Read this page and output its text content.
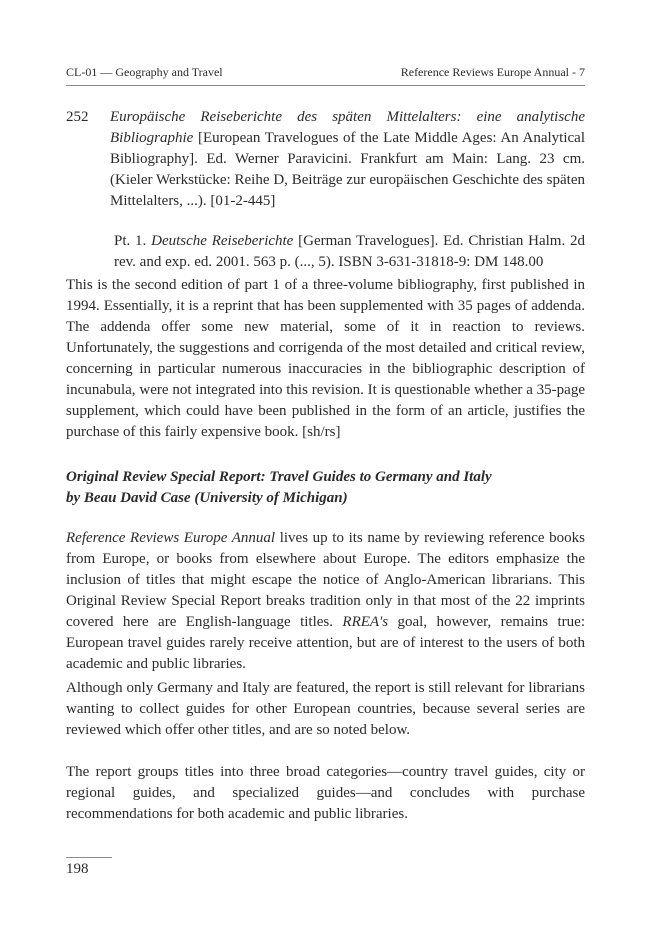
CL-01 — Geography and Travel	Reference Reviews Europe Annual - 7
252	Europäische Reiseberichte des späten Mittelalters: eine analytische Bibliographie [European Travelogues of the Late Middle Ages: An Analytical Bibliography]. Ed. Werner Paravicini. Frankfurt am Main: Lang. 23 cm. (Kieler Werkstücke: Reihe D, Beiträge zur europäischen Geschichte des späten Mittelalters, ...). [01-2-445]
Pt. 1. Deutsche Reiseberichte [German Travelogues]. Ed. Christian Halm. 2d rev. and exp. ed. 2001. 563 p. (..., 5). ISBN 3-631-31818-9: DM 148.00
This is the second edition of part 1 of a three-volume bibliography, first published in 1994. Essentially, it is a reprint that has been supplemented with 35 pages of addenda. The addenda offer some new material, some of it in reaction to reviews. Unfortunately, the suggestions and corrigenda of the most detailed and critical review, concerning in particular numerous inaccuracies in the bibliographic description of incunabula, were not integrated into this revision. It is questionable whether a 35-page supplement, which could have been published in the form of an article, justifies the purchase of this fairly expensive book. [sh/rs]
Original Review Special Report: Travel Guides to Germany and Italy
by Beau David Case (University of Michigan)
Reference Reviews Europe Annual lives up to its name by reviewing reference books from Europe, or books from elsewhere about Europe. The editors emphasize the inclusion of titles that might escape the notice of Anglo-American librarians. This Original Review Special Report breaks tradition only in that most of the 22 imprints covered here are English-language titles. RREA's goal, however, remains true: European travel guides rarely receive attention, but are of interest to the users of both academic and public libraries.
Although only Germany and Italy are featured, the report is still relevant for librarians wanting to collect guides for other European countries, because several series are reviewed which offer other titles, and are so noted below.
The report groups titles into three broad categories—country travel guides, city or regional guides, and specialized guides—and concludes with purchase recommendations for both academic and public libraries.
198
